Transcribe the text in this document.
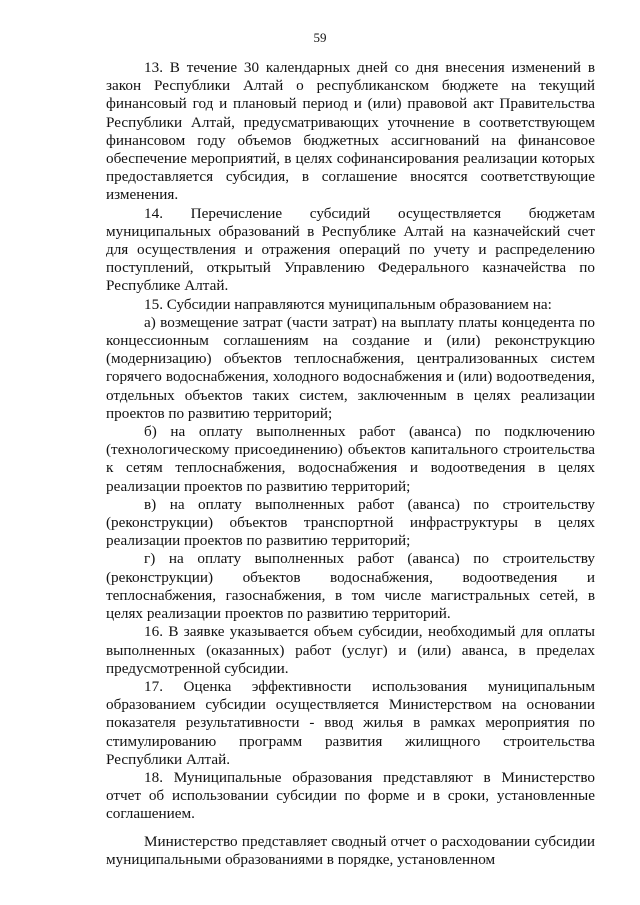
59

13. В течение 30 календарных дней со дня внесения изменений в закон Республики Алтай о республиканском бюджете на текущий финансовый год и плановый период и (или) правовой акт Правительства Республики Алтай, предусматривающих уточнение в соответствующем финансовом году объемов бюджетных ассигнований на финансовое обеспечение мероприятий, в целях софинансирования реализации которых предоставляется субсидия, в соглашение вносятся соответствующие изменения.

14. Перечисление субсидий осуществляется бюджетам муниципальных образований в Республике Алтай на казначейский счет для осуществления и отражения операций по учету и распределению поступлений, открытый Управлению Федерального казначейства по Республике Алтай.

15. Субсидии направляются муниципальным образованием на:

а) возмещение затрат (части затрат) на выплату платы концедента по концессионным соглашениям на создание и (или) реконструкцию (модернизацию) объектов теплоснабжения, централизованных систем горячего водоснабжения, холодного водоснабжения и (или) водоотведения, отдельных объектов таких систем, заключенным в целях реализации проектов по развитию территорий;

б) на оплату выполненных работ (аванса) по подключению (технологическому присоединению) объектов капитального строительства к сетям теплоснабжения, водоснабжения и водоотведения в целях реализации проектов по развитию территорий;

в) на оплату выполненных работ (аванса) по строительству (реконструкции) объектов транспортной инфраструктуры в целях реализации проектов по развитию территорий;

г) на оплату выполненных работ (аванса) по строительству (реконструкции) объектов водоснабжения, водоотведения и теплоснабжения, газоснабжения, в том числе магистральных сетей, в целях реализации проектов по развитию территорий.

16. В заявке указывается объем субсидии, необходимый для оплаты выполненных (оказанных) работ (услуг) и (или) аванса, в пределах предусмотренной субсидии.

17. Оценка эффективности использования муниципальным образованием субсидии осуществляется Министерством на основании показателя результативности - ввод жилья в рамках мероприятия по стимулированию программ развития жилищного строительства Республики Алтай.

18. Муниципальные образования представляют в Министерство отчет об использовании субсидии по форме и в сроки, установленные соглашением.

Министерство представляет сводный отчет о расходовании субсидии муниципальными образованиями в порядке, установленном
